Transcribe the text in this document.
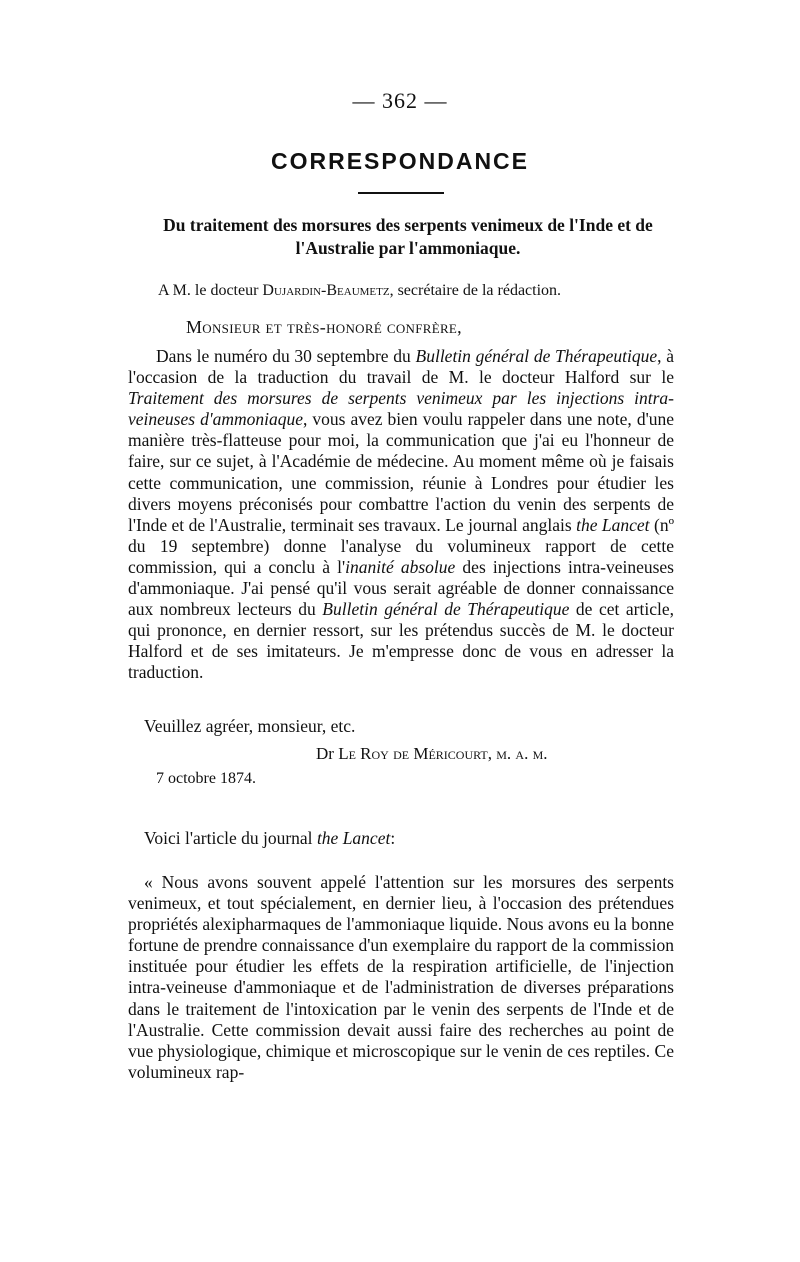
— 362 —
CORRESPONDANCE
Du traitement des morsures des serpents venimeux de l'Inde et de l'Australie par l'ammoniaque.
A M. le docteur Dujardin-Beaumetz, secrétaire de la rédaction.
Monsieur et très-honoré confrère,

Dans le numéro du 30 septembre du Bulletin général de Thérapeutique, à l'occasion de la traduction du travail de M. le docteur Halford sur le Traitement des morsures de serpents venimeux par les injections intra-veineuses d'ammoniaque, vous avez bien voulu rappeler dans une note, d'une manière très-flatteuse pour moi, la communication que j'ai eu l'honneur de faire, sur ce sujet, à l'Académie de médecine. Au moment même où je faisais cette communication, une commission, réunie à Londres pour étudier les divers moyens préconisés pour combattre l'action du venin des serpents de l'Inde et de l'Australie, terminait ses travaux. Le journal anglais the Lancet (nº du 19 septembre) donne l'analyse du volumineux rapport de cette commission, qui a conclu à l'inanité absolue des injections intra-veineuses d'ammoniaque. J'ai pensé qu'il vous serait agréable de donner connaissance aux nombreux lecteurs du Bulletin général de Thérapeutique de cet article, qui prononce, en dernier ressort, sur les prétendus succès de M. le docteur Halford et de ses imitateurs. Je m'empresse donc de vous en adresser la traduction.

Veuillez agréer, monsieur, etc.
Dr Le Roy de Méricourt, m. a. m.
7 octobre 1874.
Voici l'article du journal the Lancet:

« Nous avons souvent appelé l'attention sur les morsures des serpents venimeux, et tout spécialement, en dernier lieu, à l'occasion des prétendues propriétés alexipharmaques de l'ammoniaque liquide. Nous avons eu la bonne fortune de prendre connaissance d'un exemplaire du rapport de la commission instituée pour étudier les effets de la respiration artificielle, de l'injection intra-veineuse d'ammoniaque et de l'administration de diverses préparations dans le traitement de l'intoxication par le venin des serpents de l'Inde et de l'Australie. Cette commission devait aussi faire des recherches au point de vue physiologique, chimique et microscopique sur le venin de ces reptiles. Ce volumineux rap-
